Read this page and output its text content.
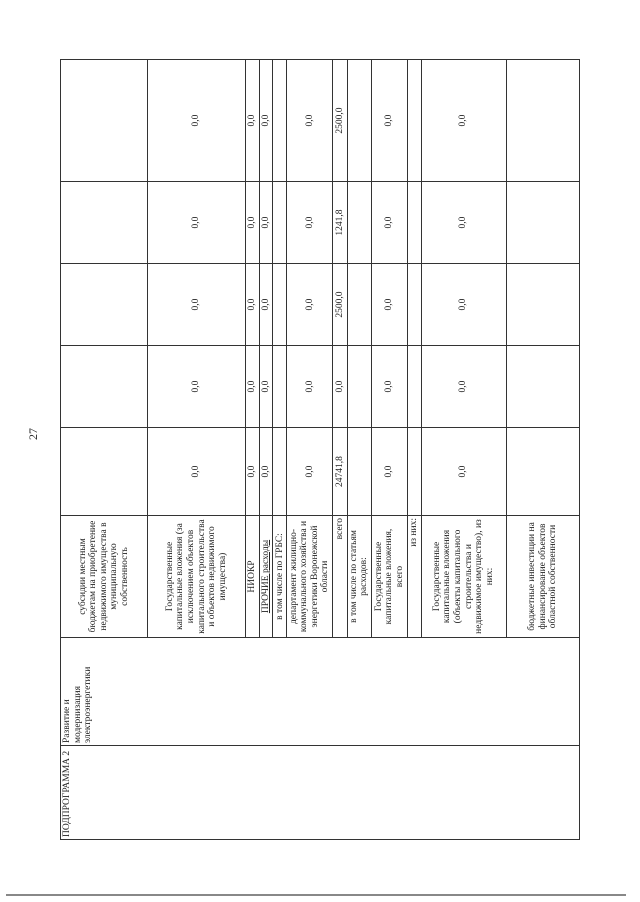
27
ПОДПРОГРАММА 2	Развитие и модернизация электроэнергетики	субсидии местным бюджетам на приобретение недвижимого имущества в муниципальную собственность					
		Государственные капитальные вложения (за исключением объектов капитального строительства и объектов недвижимого имущества)	0,0	0,0	0,0	0,0	0,0
		НИОКР	0,0	0,0	0,0	0,0	0,0
		ПРОЧИЕ расходы	0,0	0,0	0,0	0,0	0,0
		в том числе по ГРБС:					
		департамент жилищно-коммунального хозяйства и энергетики Воронежской области	0,0	0,0	0,0	0,0	0,0
		всего	24741,8	0,0	2500,0	1241,8	2500,0
		в том числе по статьям расходов:					
		Государственные капитальные вложения, всего	0,0	0,0	0,0	0,0	0,0
		из них:					
		Государственные капитальные вложения (объекты капитального строительства и недвижимое имущество), из них:	0,0	0,0	0,0	0,0	0,0
		бюджетные инвестиции на финансирование объектов областной собственности					
